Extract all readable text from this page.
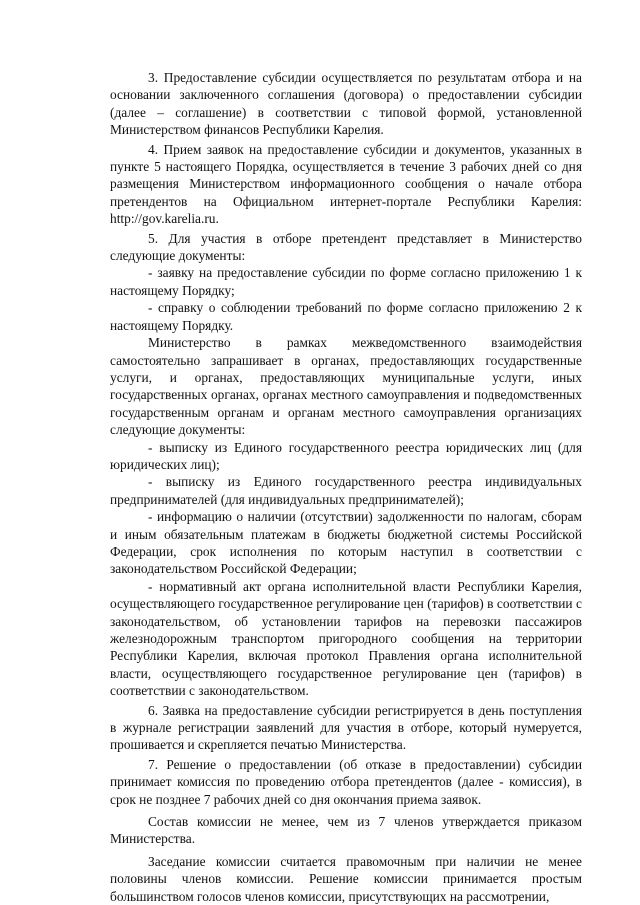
3. Предоставление субсидии осуществляется по результатам отбора и на основании заключенного соглашения (договора) о предоставлении субсидии (далее – соглашение) в соответствии с типовой формой, установленной Министерством финансов Республики Карелия.

4. Прием заявок на предоставление субсидии и документов, указанных в пункте 5 настоящего Порядка, осуществляется в течение 3 рабочих дней со дня размещения Министерством информационного сообщения о начале отбора претендентов на Официальном интернет-портале Республики Карелия: http://gov.karelia.ru.

5. Для участия в отборе претендент представляет в Министерство следующие документы:

- заявку на предоставление субсидии по форме согласно приложению 1 к настоящему Порядку;

- справку о соблюдении требований по форме согласно приложению 2 к настоящему Порядку.

Министерство в рамках межведомственного взаимодействия самостоятельно запрашивает в органах, предоставляющих государственные услуги, и органах, предоставляющих муниципальные услуги, иных государственных органах, органах местного самоуправления и подведомственных государственным органам и органам местного самоуправления организациях следующие документы:

- выписку из Единого государственного реестра юридических лиц (для юридических лиц);

- выписку из Единого государственного реестра индивидуальных предпринимателей (для индивидуальных предпринимателей);

- информацию о наличии (отсутствии) задолженности по налогам, сборам и иным обязательным платежам в бюджеты бюджетной системы Российской Федерации, срок исполнения по которым наступил в соответствии с законодательством Российской Федерации;

- нормативный акт органа исполнительной власти Республики Карелия, осуществляющего государственное регулирование цен (тарифов) в соответствии с законодательством, об установлении тарифов на перевозки пассажиров железнодорожным транспортом пригородного сообщения на территории Республики Карелия, включая протокол Правления органа исполнительной власти, осуществляющего государственное регулирование цен (тарифов) в соответствии с законодательством.

6. Заявка на предоставление субсидии регистрируется в день поступления в журнале регистрации заявлений для участия в отборе, который нумеруется, прошивается и скрепляется печатью Министерства.

7. Решение о предоставлении (об отказе в предоставлении) субсидии принимает комиссия по проведению отбора претендентов (далее - комиссия), в срок не позднее 7 рабочих дней со дня окончания приема заявок.

Состав комиссии не менее, чем из 7 членов утверждается приказом Министерства.

Заседание комиссии считается правомочным при наличии не менее половины членов комиссии. Решение комиссии принимается простым большинством голосов членов комиссии, присутствующих на рассмотрении,
